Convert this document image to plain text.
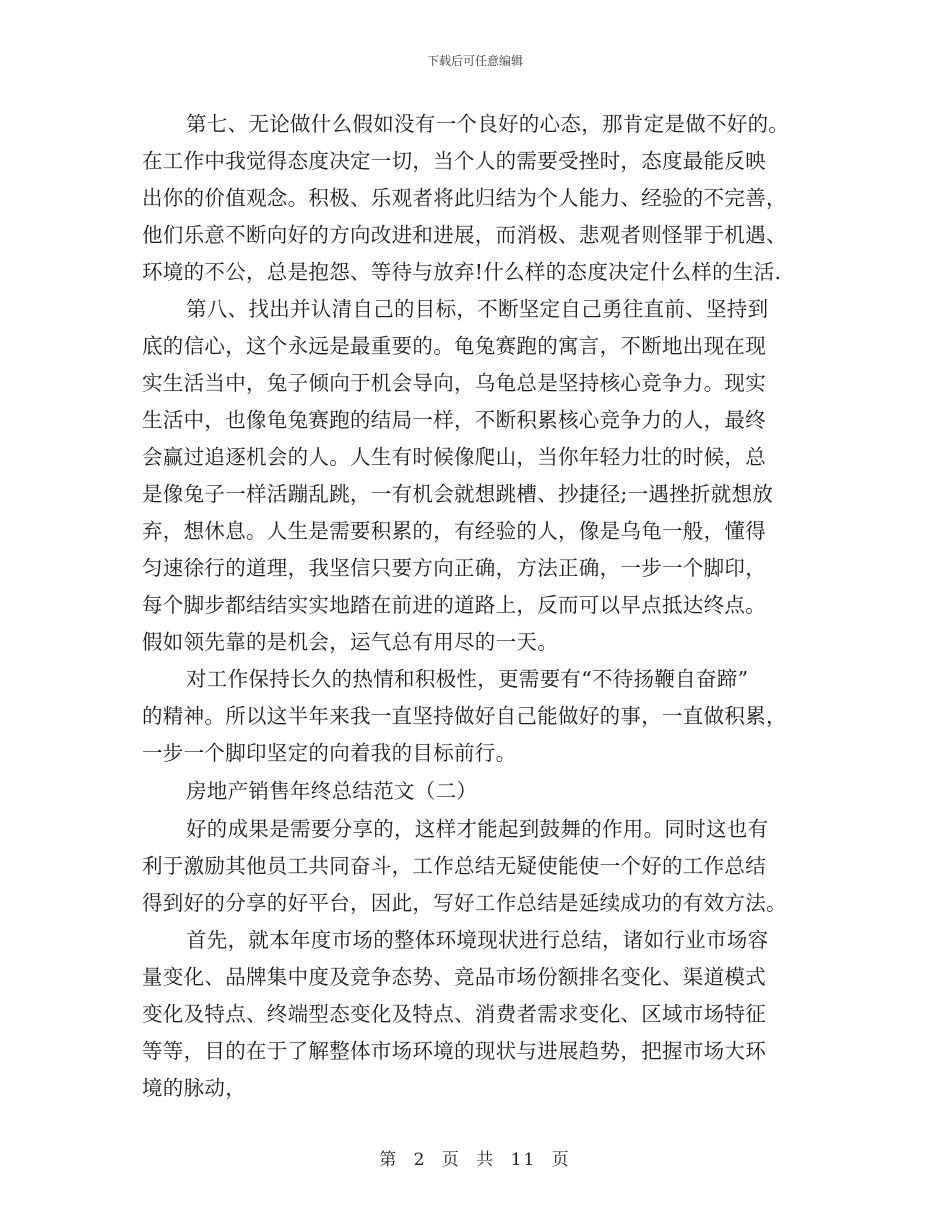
下载后可任意编辑
第七、无论做什么假如没有一个良好的心态，那肯定是做不好的。
在工作中我觉得态度决定一切，当个人的需要受挫时，态度最能反映
出你的价值观念。积极、乐观者将此归结为个人能力、经验的不完善，
他们乐意不断向好的方向改进和进展，而消极、悲观者则怪罪于机遇、
环境的不公，总是抱怨、等待与放弃!什么样的态度决定什么样的生活.
第八、找出并认清自己的目标，不断坚定自己勇往直前、坚持到
底的信心，这个永远是最重要的。龟兔赛跑的寓言，不断地出现在现
实生活当中，兔子倾向于机会导向，乌龟总是坚持核心竞争力。现实
生活中，也像龟兔赛跑的结局一样，不断积累核心竞争力的人，最终
会赢过追逐机会的人。人生有时候像爬山，当你年轻力壮的时候，总
是像兔子一样活蹦乱跳，一有机会就想跳槽、抄捷径;一遇挫折就想放
弃，想休息。人生是需要积累的，有经验的人，像是乌龟一般，懂得
匀速徐行的道理，我坚信只要方向正确，方法正确，一步一个脚印，
每个脚步都结结实实地踏在前进的道路上，反而可以早点抵达终点。
假如领先靠的是机会，运气总有用尽的一天。
对工作保持长久的热情和积极性，更需要有“不待扬鞭自奋蹄”
的精神。所以这半年来我一直坚持做好自己能做好的事，一直做积累，
一步一个脚印坚定的向着我的目标前行。
房地产销售年终总结范文（二）
好的成果是需要分享的，这样才能起到鼓舞的作用。同时这也有
利于激励其他员工共同奋斗，工作总结无疑使能使一个好的工作总结
得到好的分享的好平台，因此，写好工作总结是延续成功的有效方法。
首先，就本年度市场的整体环境现状进行总结，诸如行业市场容
量变化、品牌集中度及竞争态势、竞品市场份额排名变化、渠道模式
变化及特点、终端型态变化及特点、消费者需求变化、区域市场特征
等等，目的在于了解整体市场环境的现状与进展趋势，把握市场大环
境的脉动，
第 2 页 共 11 页
